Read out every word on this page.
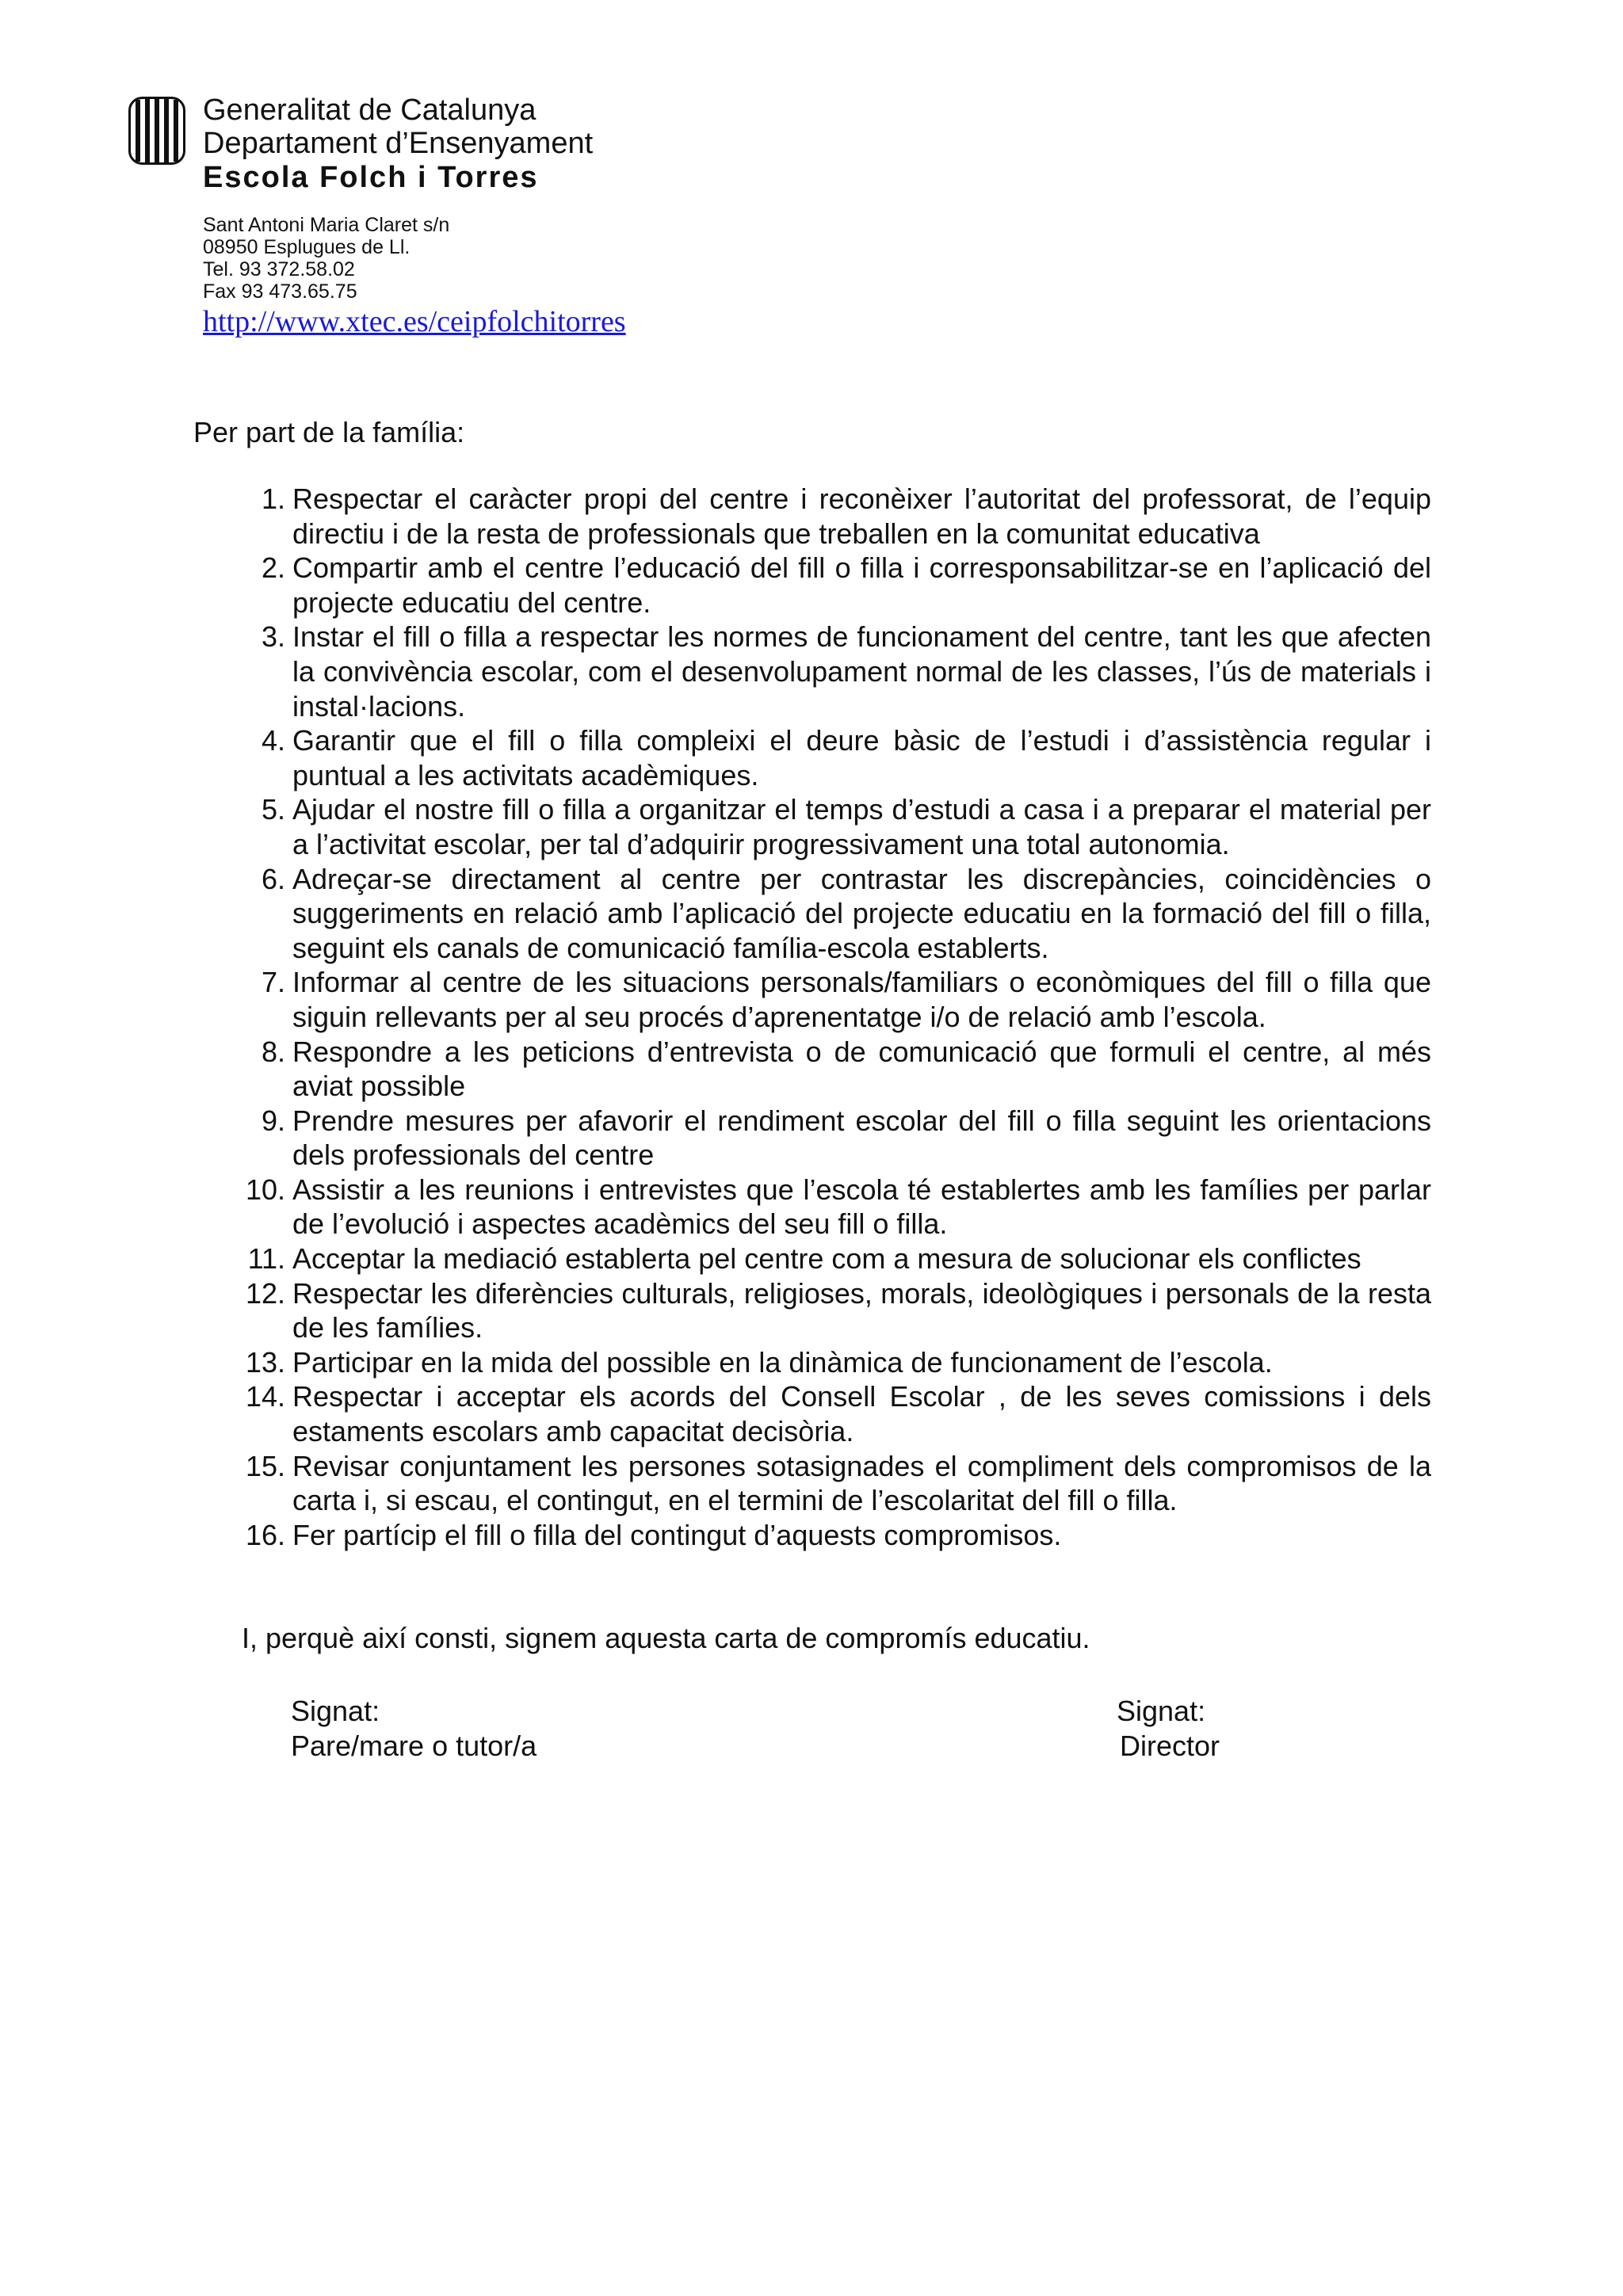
Generalitat de Catalunya
Departament d’Ensenyament
Escola Folch i Torres
Sant Antoni Maria Claret s/n
08950 Esplugues de Ll.
Tel. 93 372.58.02
Fax 93 473.65.75
http://www.xtec.es/ceipfolchitorres
Per part de la família:
1. Respectar el caràcter propi del centre i reconèixer l’autoritat del professorat, de l’equip directiu i de la resta de professionals que treballen en la comunitat educativa
2. Compartir amb el centre l’educació del fill o filla i corresponsabilitzar-se en l’aplicació del projecte educatiu del centre.
3. Instar el fill o filla a respectar les normes de funcionament del centre, tant les que afecten la convivència escolar, com el desenvolupament normal de les classes, l’ús de materials i instal·lacions.
4. Garantir que el fill o filla compleixi el deure bàsic de l’estudi i d’assistència regular i puntual a les activitats acadèmiques.
5. Ajudar el nostre fill o filla a organitzar el temps d’estudi a casa i a preparar el material per a l’activitat escolar, per tal d’adquirir progressivament una total autonomia.
6. Adreçar-se directament al centre per contrastar les discrepàncies, coincidències o suggeriments en relació amb l’aplicació del projecte educatiu en la formació del fill o filla, seguint els canals de comunicació família-escola establerts.
7. Informar al centre de les situacions personals/familiars o econòmiques del fill o filla que siguin rellevants per al seu procés d’aprenentatge i/o de relació amb l’escola.
8. Respondre a les peticions d’entrevista o de comunicació que formuli el centre, al més aviat possible
9. Prendre mesures per afavorir el rendiment escolar del fill o filla seguint les orientacions dels professionals del centre
10. Assistir a les reunions i entrevistes que l’escola té establertes amb les famílies per parlar de l’evolució i aspectes acadèmics del seu fill o filla.
11. Acceptar la mediació establerta pel centre com a mesura de solucionar els conflictes
12. Respectar les diferències culturals, religioses, morals, ideològiques i personals de la resta de les famílies.
13. Participar en la mida del possible en la dinàmica de funcionament de l’escola.
14. Respectar i acceptar els acords del Consell Escolar , de les seves comissions i dels estaments escolars amb capacitat decisòria.
15. Revisar conjuntament les persones sotasignades el compliment dels compromisos de la carta i, si escau, el contingut, en el termini de l’escolaritat del fill o filla.
16. Fer partícip el fill o filla del contingut d’aquests compromisos.
I, perquè així consti, signem aquesta carta de compromís educatiu.
Signat:
Pare/mare o tutor/a
Signat:
Director
